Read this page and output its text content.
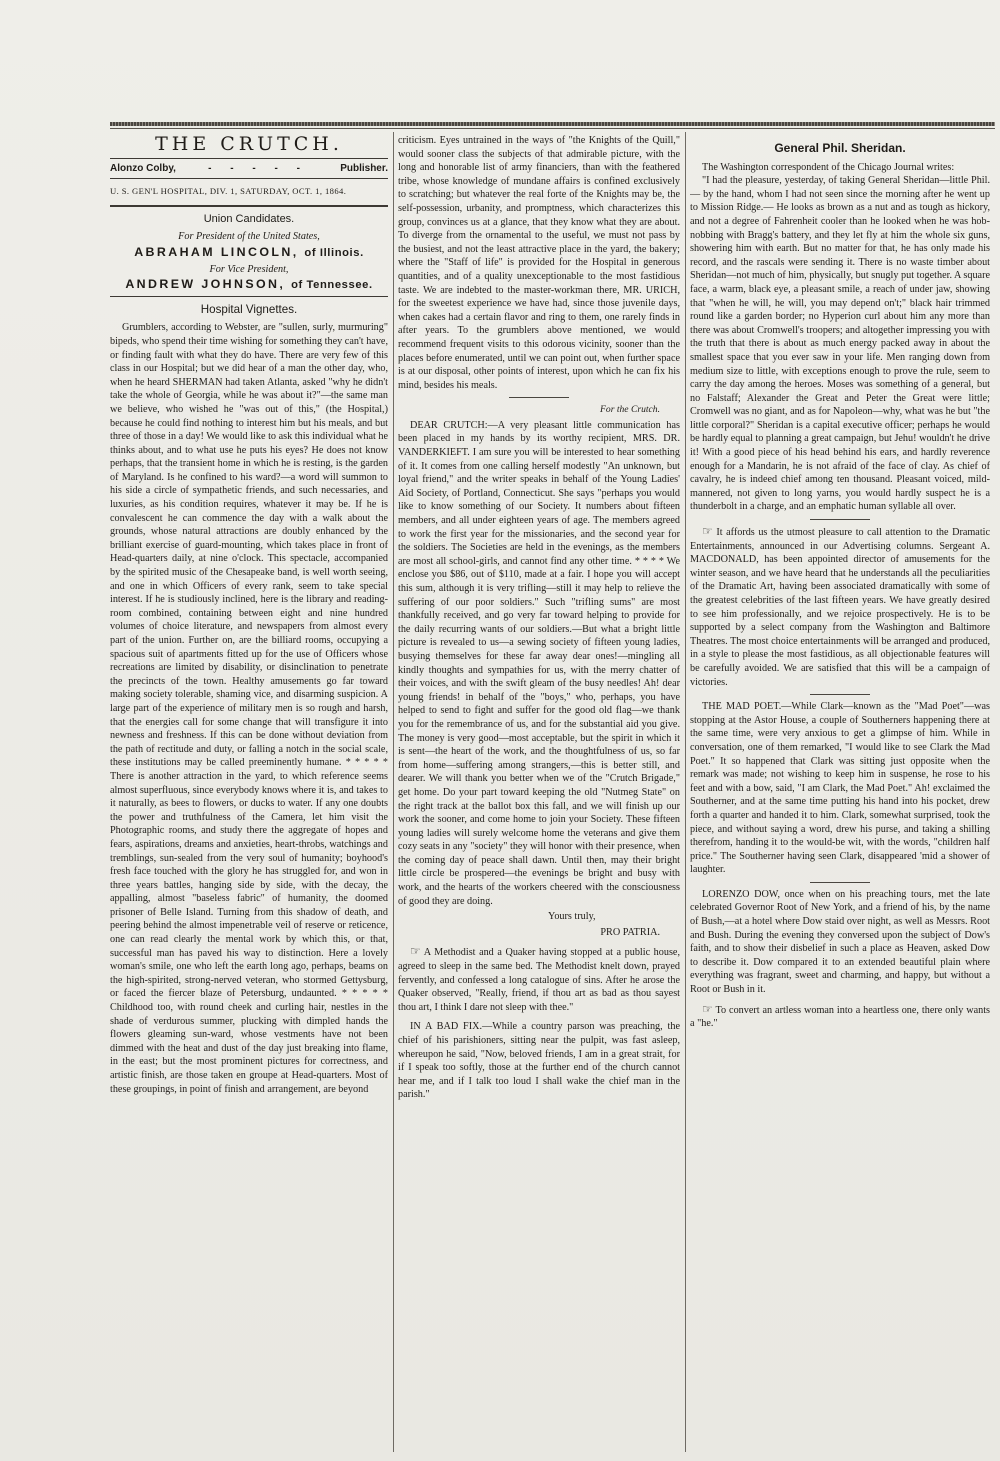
THE CRUTCH.
Alonzo Colby,	- - - - -	Publisher.
U. S. GEN'L HOSPITAL, DIV. 1, SATURDAY, OCT. 1, 1864.
Union Candidates.
For President of the United States,
ABRAHAM LINCOLN, of Illinois.
For Vice President,
ANDREW JOHNSON, of Tennessee.
Hospital Vignettes.

Grumblers, according to Webster, are "sullen, surly, murmuring" bipeds, who spend their time wishing for something they can't have, or finding fault with what they do have. There are very few of this class in our Hospital; but we did hear of a man the other day, who, when he heard SHERMAN had taken Atlanta, asked "why he didn't take the whole of Georgia, while he was about it?"—the same man we believe, who wished he "was out of this," (the Hospital,) because he could find nothing to interest him but his meals, and but three of those in a day! We would like to ask this individual what he thinks about, and to what use he puts his eyes? He does not know perhaps, that the transient home in which he is resting, is the garden of Maryland. Is he confined to his ward?—a word will summon to his side a circle of sympathetic friends, and such necessaries, and luxuries, as his condition requires, whatever it may be. If he is convalescent he can commence the day with a walk about the grounds, whose natural attractions are doubly enhanced by the brilliant exercise of guard-mounting, which takes place in front of Head-quarters daily, at nine o'clock. This spectacle, accompanied by the spirited music of the Chesapeake band, is well worth seeing, and one in which Officers of every rank, seem to take special interest. If he is studiously inclined, here is the library and reading-room combined, containing between eight and nine hundred volumes of choice literature, and newspapers from almost every part of the union. Further on, are the billiard rooms, occupying a spacious suit of apartments fitted up for the use of Officers whose recreations are limited by disability, or disinclination to penetrate the precincts of the town. Healthy amusements go far toward making society tolerable, shaming vice, and disarming suspicion. A large part of the experience of military men is so rough and harsh, that the energies call for some change that will transfigure it into newness and freshness. If this can be done without deviation from the path of rectitude and duty, or falling a notch in the social scale, these institutions may be called preeminently humane. * * * * * There is another attraction in the yard, to which reference seems almost superfluous, since everybody knows where it is, and takes to it naturally, as bees to flowers, or ducks to water. If any one doubts the power and truthfulness of the Camera, let him visit the Photographic rooms, and study there the aggregate of hopes and fears, aspirations, dreams and anxieties, heart-throbs, watchings and tremblings, sun-sealed from the very soul of humanity; boyhood's fresh face touched with the glory he has struggled for, and won in three years battles, hanging side by side, with the decay, the appalling, almost "baseless fabric" of humanity, the doomed prisoner of Belle Island. Turning from this shadow of death, and peering behind the almost impenetrable veil of reserve or reticence, one can read clearly the mental work by which this, or that, successful man has paved his way to distinction. Here a lovely woman's smile, one who left the earth long ago, perhaps, beams on the high-spirited, strong-nerved veteran, who stormed Gettysburg, or faced the fiercer blaze of Petersburg, undaunted. * * * * * Childhood too, with round cheek and curling hair, nestles in the shade of verdurous summer, plucking with dimpled hands the flowers gleaming sun-ward, whose vestments have not been dimmed with the heat and dust of the day just breaking into flame, in the east; but the most prominent pictures for correctness, and artistic finish, are those taken en groupe at Head-quarters. Most of these groupings, in point of finish and arrangement, are beyond

criticism. Eyes untrained in the ways of "the Knights of the Quill," would sooner class the subjects of that admirable picture, with the long and honorable list of army financiers, than with the feathered tribe, whose knowledge of mundane affairs is confined exclusively to scratching; but whatever the real forte of the Knights may be, the self-possession, urbanity, and promptness, which characterizes this group, convinces us at a glance, that they know what they are about. To diverge from the ornamental to the useful, we must not pass by the busiest, and not the least attractive place in the yard, the bakery; where the "Staff of life" is provided for the Hospital in generous quantities, and of a quality unexceptionable to the most fastidious taste. We are indebted to the master-workman there, MR. URICH, for the sweetest experience we have had, since those juvenile days, when cakes had a certain flavor and ring to them, one rarely finds in after years. To the grumblers above mentioned, we would recommend frequent visits to this odorous vicinity, sooner than the places before enumerated, until we can point out, when further space is at our disposal, other points of interest, upon which he can fix his mind, besides his meals.

For the Crutch.

DEAR CRUTCH:—A very pleasant little communication has been placed in my hands by its worthy recipient, MRS. DR. VANDERKIEFT. I am sure you will be interested to hear something of it. It comes from one calling herself modestly "An unknown, but loyal friend," and the writer speaks in behalf of the Young Ladies' Aid Society, of Portland, Connecticut. She says "perhaps you would like to know something of our Society. It numbers about fifteen members, and all under eighteen years of age. The members agreed to work the first year for the missionaries, and the second year for the soldiers. The Societies are held in the evenings, as the members are most all school-girls, and cannot find any other time. * * * * We enclose you $86, out of $110, made at a fair. I hope you will accept this sum, although it is very trifling—still it may help to relieve the suffering of our poor soldiers." Such "trifling sums" are most thankfully received, and go very far toward helping to provide for the daily recurring wants of our soldiers.—But what a bright little picture is revealed to us—a sewing society of fifteen young ladies, busying themselves for these far away dear ones!—mingling all kindly thoughts and sympathies for us, with the merry chatter of their voices, and with the swift gleam of the busy needles! Ah! dear young friends! in behalf of the "boys," who, perhaps, you have helped to send to fight and suffer for the good old flag—we thank you for the remembrance of us, and for the substantial aid you give. The money is very good—most acceptable, but the spirit in which it is sent—the heart of the work, and the thoughtfulness of us, so far from home—suffering among strangers,—this is better still, and dearer. We will thank you better when we of the "Crutch Brigade," get home. Do your part toward keeping the old "Nutmeg State" on the right track at the ballot box this fall, and we will finish up our work the sooner, and come home to join your Society. These fifteen young ladies will surely welcome home the veterans and give them cozy seats in any "society" they will honor with their presence, when the coming day of peace shall dawn. Until then, may their bright little circle be prospered—the evenings be bright and busy with work, and the hearts of the workers cheered with the consciousness of good they are doing.

Yours truly,
PRO PATRIA.

☞ A Methodist and a Quaker having stopped at a public house, agreed to sleep in the same bed. The Methodist knelt down, prayed fervently, and confessed a long catalogue of sins. After he arose the Quaker observed, "Really, friend, if thou art as bad as thou sayest thou art, I think I dare not sleep with thee."

IN A BAD FIX.—While a country parson was preaching, the chief of his parishioners, sitting near the pulpit, was fast asleep, whereupon he said, "Now, beloved friends, I am in a great strait, for if I speak too softly, those at the further end of the church cannot hear me, and if I talk too loud I shall wake the chief man in the parish."

General Phil. Sheridan.

The Washington correspondent of the Chicago Journal writes:

"I had the pleasure, yesterday, of taking General Sheridan—little Phil.— by the hand, whom I had not seen since the morning after he went up to Mission Ridge.— He looks as brown as a nut and as tough as hickory, and not a degree of Fahrenheit cooler than he looked when he was hob-nobbing with Bragg's battery, and they let fly at him the whole six guns, showering him with earth. But no matter for that, he has only made his record, and the rascals were sending it. There is no waste timber about Sheridan—not much of him, physically, but snugly put together. A square face, a warm, black eye, a pleasant smile, a reach of under jaw, showing that "when he will, he will, you may depend on't;" black hair trimmed round like a garden border; no Hyperion curl about him any more than there was about Cromwell's troopers; and altogether impressing you with the truth that there is about as much energy packed away in about the smallest space that you ever saw in your life. Men ranging down from medium size to little, with exceptions enough to prove the rule, seem to carry the day among the heroes. Moses was something of a general, but no Falstaff; Alexander the Great and Peter the Great were little; Cromwell was no giant, and as for Napoleon—why, what was he but "the little corporal?" Sheridan is a capital executive officer; perhaps he would be hardly equal to planning a great campaign, but Jehu! wouldn't he drive it! With a good piece of his head behind his ears, and hardly reverence enough for a Mandarin, he is not afraid of the face of clay. As chief of cavalry, he is indeed chief among ten thousand. Pleasant voiced, mild-mannered, not given to long yarns, you would hardly suspect he is a thunderbolt in a charge, and an emphatic human syllable all over.

☞ It affords us the utmost pleasure to call attention to the Dramatic Entertainments, announced in our Advertising columns. Sergeant A. MACDONALD, has been appointed director of amusements for the winter season, and we have heard that he understands all the peculiarities of the Dramatic Art, having been associated dramatically with some of the greatest celebrities of the last fifteen years. We have greatly desired to see him professionally, and we rejoice prospectively. He is to be supported by a select company from the Washington and Baltimore Theatres. The most choice entertainments will be arranged and produced, in a style to please the most fastidious, as all objectionable features will be carefully avoided. We are satisfied that this will be a campaign of victories.

THE MAD POET.—While Clark—known as the "Mad Poet"—was stopping at the Astor House, a couple of Southerners happening there at the same time, were very anxious to get a glimpse of him. While in conversation, one of them remarked, "I would like to see Clark the Mad Poet." It so happened that Clark was sitting just opposite when the remark was made; not wishing to keep him in suspense, he rose to his feet and with a bow, said, "I am Clark, the Mad Poet." Ah! exclaimed the Southerner, and at the same time putting his hand into his pocket, drew forth a quarter and handed it to him. Clark, somewhat surprised, took the piece, and without saying a word, drew his purse, and taking a shilling therefrom, handing it to the would-be wit, with the words, "children half price." The Southerner having seen Clark, disappeared 'mid a shower of laughter.

LORENZO DOW, once when on his preaching tours, met the late celebrated Governor Root of New York, and a friend of his, by the name of Bush,—at a hotel where Dow staid over night, as well as Messrs. Root and Bush. During the evening they conversed upon the subject of Dow's faith, and to show their disbelief in such a place as Heaven, asked Dow to describe it. Dow compared it to an extended beautiful plain where everything was fragrant, sweet and charming, and happy, but without a Root or Bush in it.

☞ To convert an artless woman into a heartless one, there only wants a "he."
